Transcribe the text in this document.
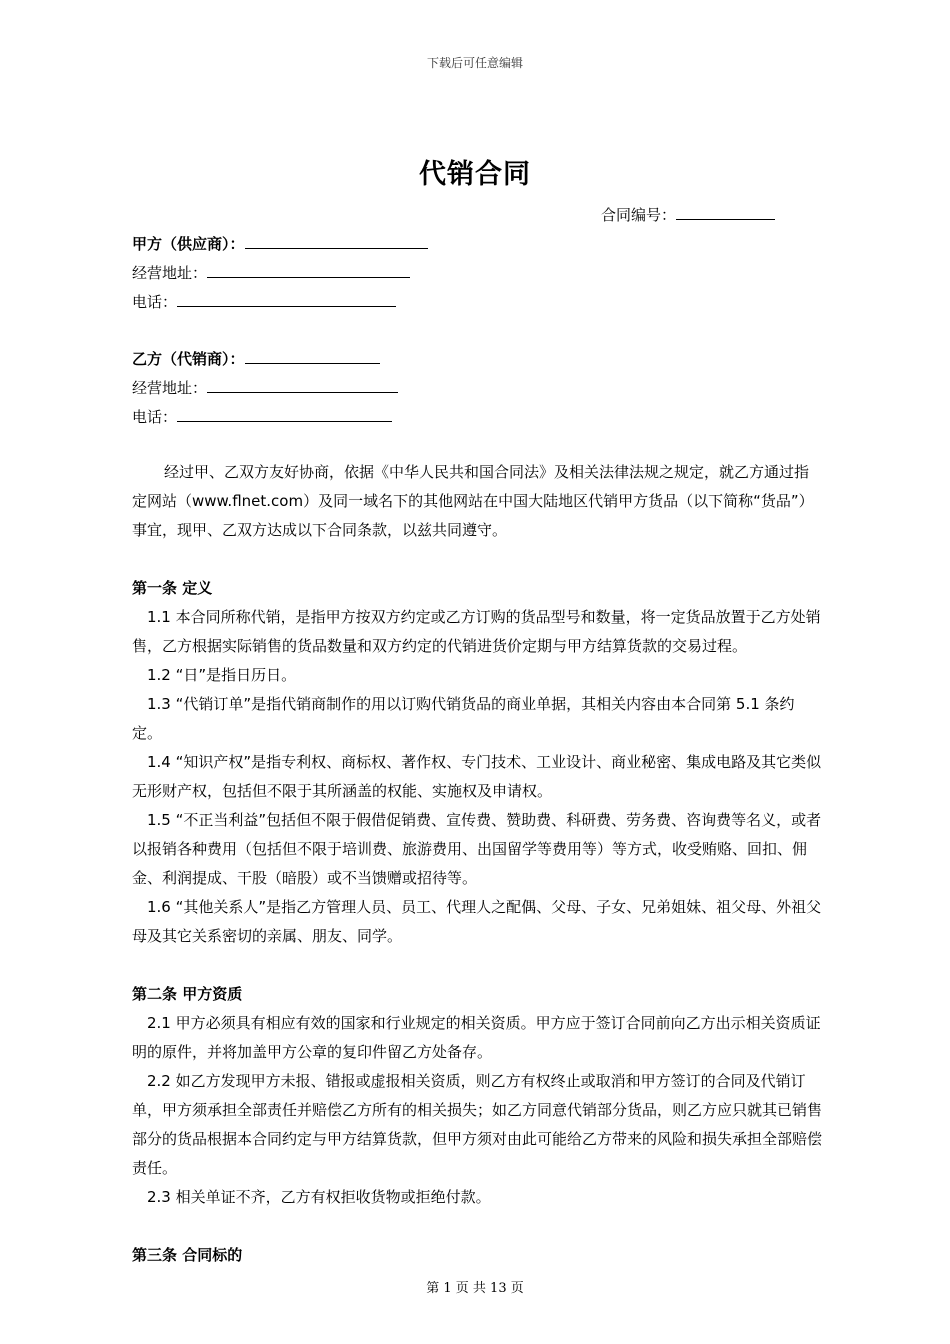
下载后可任意编辑
代销合同
合同编号：
甲方（供应商）：
经营地址：
电话：
乙方（代销商）：
经营地址：
电话：

经过甲、乙双方友好协商，依据《中华人民共和国合同法》及相关法律法规之规定，就乙方通过指定网站（www.flnet.com）及同一域名下的其他网站在中国大陆地区代销甲方货品（以下简称“货品”）事宜，现甲、乙双方达成以下合同条款，以兹共同遵守。

第一条 定义

1.1 本合同所称代销，是指甲方按双方约定或乙方订购的货品型号和数量，将一定货品放置于乙方处销售，乙方根据实际销售的货品数量和双方约定的代销进货价定期与甲方结算货款的交易过程。

1.2 “日”是指日历日。

1.3 “代销订单”是指代销商制作的用以订购代销货品的商业单据，其相关内容由本合同第 5.1 条约定。

1.4 “知识产权”是指专利权、商标权、著作权、专门技术、工业设计、商业秘密、集成电路及其它类似无形财产权，包括但不限于其所涵盖的权能、实施权及申请权。

1.5 “不正当利益”包括但不限于假借促销费、宣传费、赞助费、科研费、劳务费、咨询费等名义，或者以报销各种费用（包括但不限于培训费、旅游费用、出国留学等费用等）等方式，收受贿赂、回扣、佣金、利润提成、干股（暗股）或不当馈赠或招待等。

1.6 “其他关系人”是指乙方管理人员、员工、代理人之配偶、父母、子女、兄弟姐妹、祖父母、外祖父母及其它关系密切的亲属、朋友、同学。

第二条 甲方资质

2.1 甲方必须具有相应有效的国家和行业规定的相关资质。甲方应于签订合同前向乙方出示相关资质证明的原件，并将加盖甲方公章的复印件留乙方处备存。

2.2 如乙方发现甲方未报、错报或虚报相关资质，则乙方有权终止或取消和甲方签订的合同及代销订单，甲方须承担全部责任并赔偿乙方所有的相关损失；如乙方同意代销部分货品，则乙方应只就其已销售部分的货品根据本合同约定与甲方结算货款，但甲方须对由此可能给乙方带来的风险和损失承担全部赔偿责任。

2.3 相关单证不齐，乙方有权拒收货物或拒绝付款。

第三条 合同标的

第 1 页 共 13 页
